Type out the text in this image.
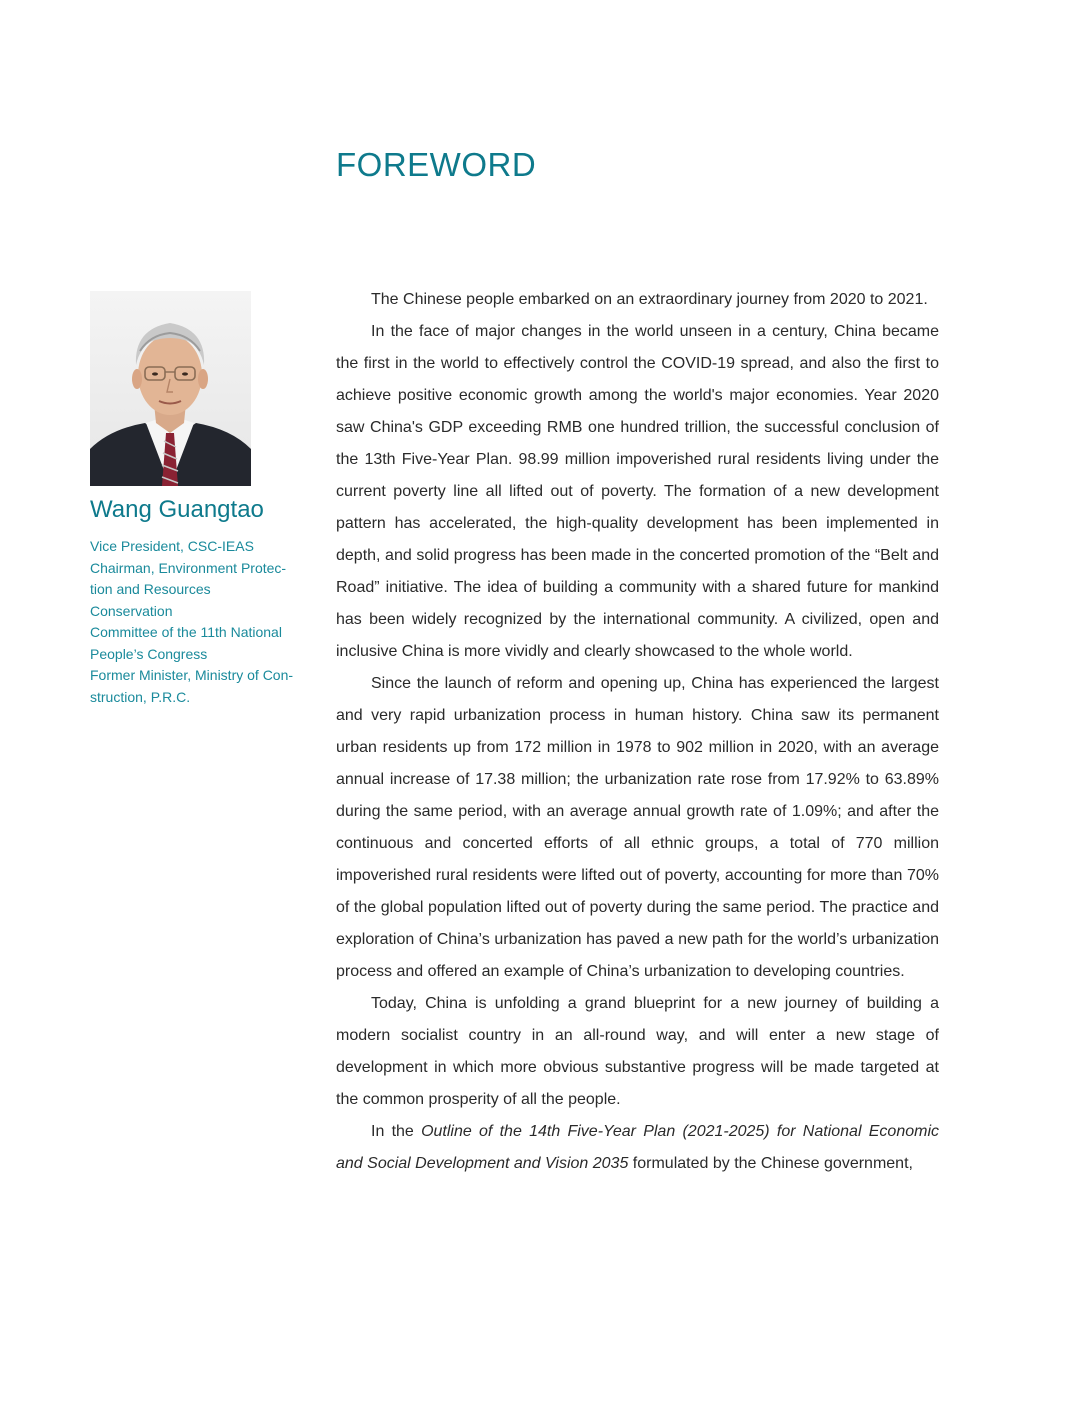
FOREWORD
Wang Guangtao
Vice President, CSC-IEAS
Chairman, Environment Protec-
tion and Resources Conservation
Committee of the 11th National
People’s Congress
Former Minister, Ministry of Con-
struction, P.R.C.

The Chinese people embarked on an extraordinary journey from 2020 to 2021.

In the face of major changes in the world unseen in a century, China became the first in the world to effectively control the COVID-19 spread, and also the first to achieve positive economic growth among the world's major economies. Year 2020 saw China's GDP exceeding RMB one hundred trillion, the successful conclusion of the 13th Five-Year Plan. 98.99 million impoverished rural residents living under the current poverty line all lifted out of poverty. The formation of a new development pattern has accelerated, the high-quality development has been implemented in depth, and solid progress has been made in the concerted promotion of the “Belt and Road” initiative. The idea of building a community with a shared future for mankind has been widely recognized by the international community. A civilized, open and inclusive China is more vividly and clearly showcased to the whole world.

Since the launch of reform and opening up, China has experienced the largest and very rapid urbanization process in human history. China saw its permanent urban residents up from 172 million in 1978 to 902 million in 2020, with an average annual increase of 17.38 million; the urbanization rate rose from 17.92% to 63.89% during the same period, with an average annual growth rate of 1.09%; and after the continuous and concerted efforts of all ethnic groups, a total of 770 million impoverished rural residents were lifted out of poverty, accounting for more than 70% of the global population lifted out of poverty during the same period. The practice and exploration of China’s urbanization has paved a new path for the world’s urbanization process and offered an example of China’s urbanization to developing countries.

Today, China is unfolding a grand blueprint for a new journey of building a modern socialist country in an all-round way, and will enter a new stage of development in which more obvious substantive progress will be made targeted at the common prosperity of all the people.

In the Outline of the 14th Five-Year Plan (2021-2025) for National Economic and Social Development and Vision 2035 formulated by the Chinese government,
